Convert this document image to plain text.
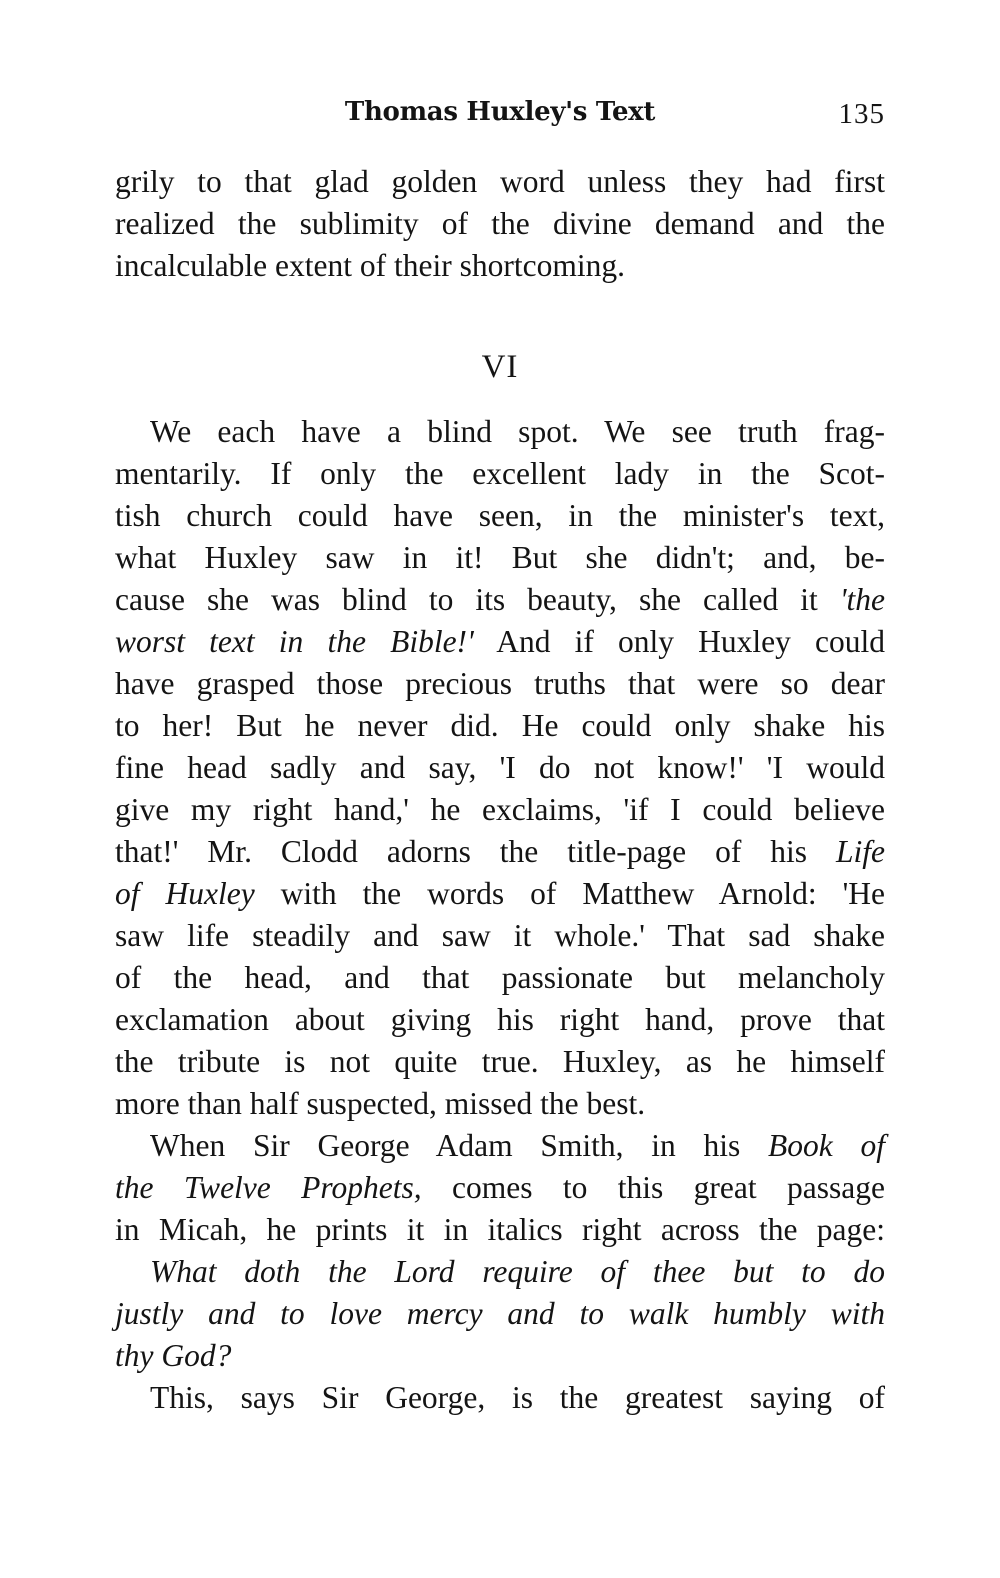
Thomas Huxley's Text	135
grily to that glad golden word unless they had first
realized the sublimity of the divine demand and the
incalculable extent of their shortcoming.
VI
We each have a blind spot. We see truth frag-
mentarily. If only the excellent lady in the Scot-
tish church could have seen, in the minister's text,
what Huxley saw in it! But she didn't; and, be-
cause she was blind to its beauty, she called it 'the
worst text in the Bible!' And if only Huxley could
have grasped those precious truths that were so dear
to her! But he never did. He could only shake his
fine head sadly and say, 'I do not know!' 'I would
give my right hand,' he exclaims, 'if I could believe
that!' Mr. Clodd adorns the title-page of his Life
of Huxley with the words of Matthew Arnold: 'He
saw life steadily and saw it whole.' That sad shake
of the head, and that passionate but melancholy
exclamation about giving his right hand, prove that
the tribute is not quite true. Huxley, as he himself
more than half suspected, missed the best.
When Sir George Adam Smith, in his Book of
the Twelve Prophets, comes to this great passage
in Micah, he prints it in italics right across the page:
What doth the Lord require of thee but to do
justly and to love mercy and to walk humbly with
thy God?
This, says Sir George, is the greatest saying of
